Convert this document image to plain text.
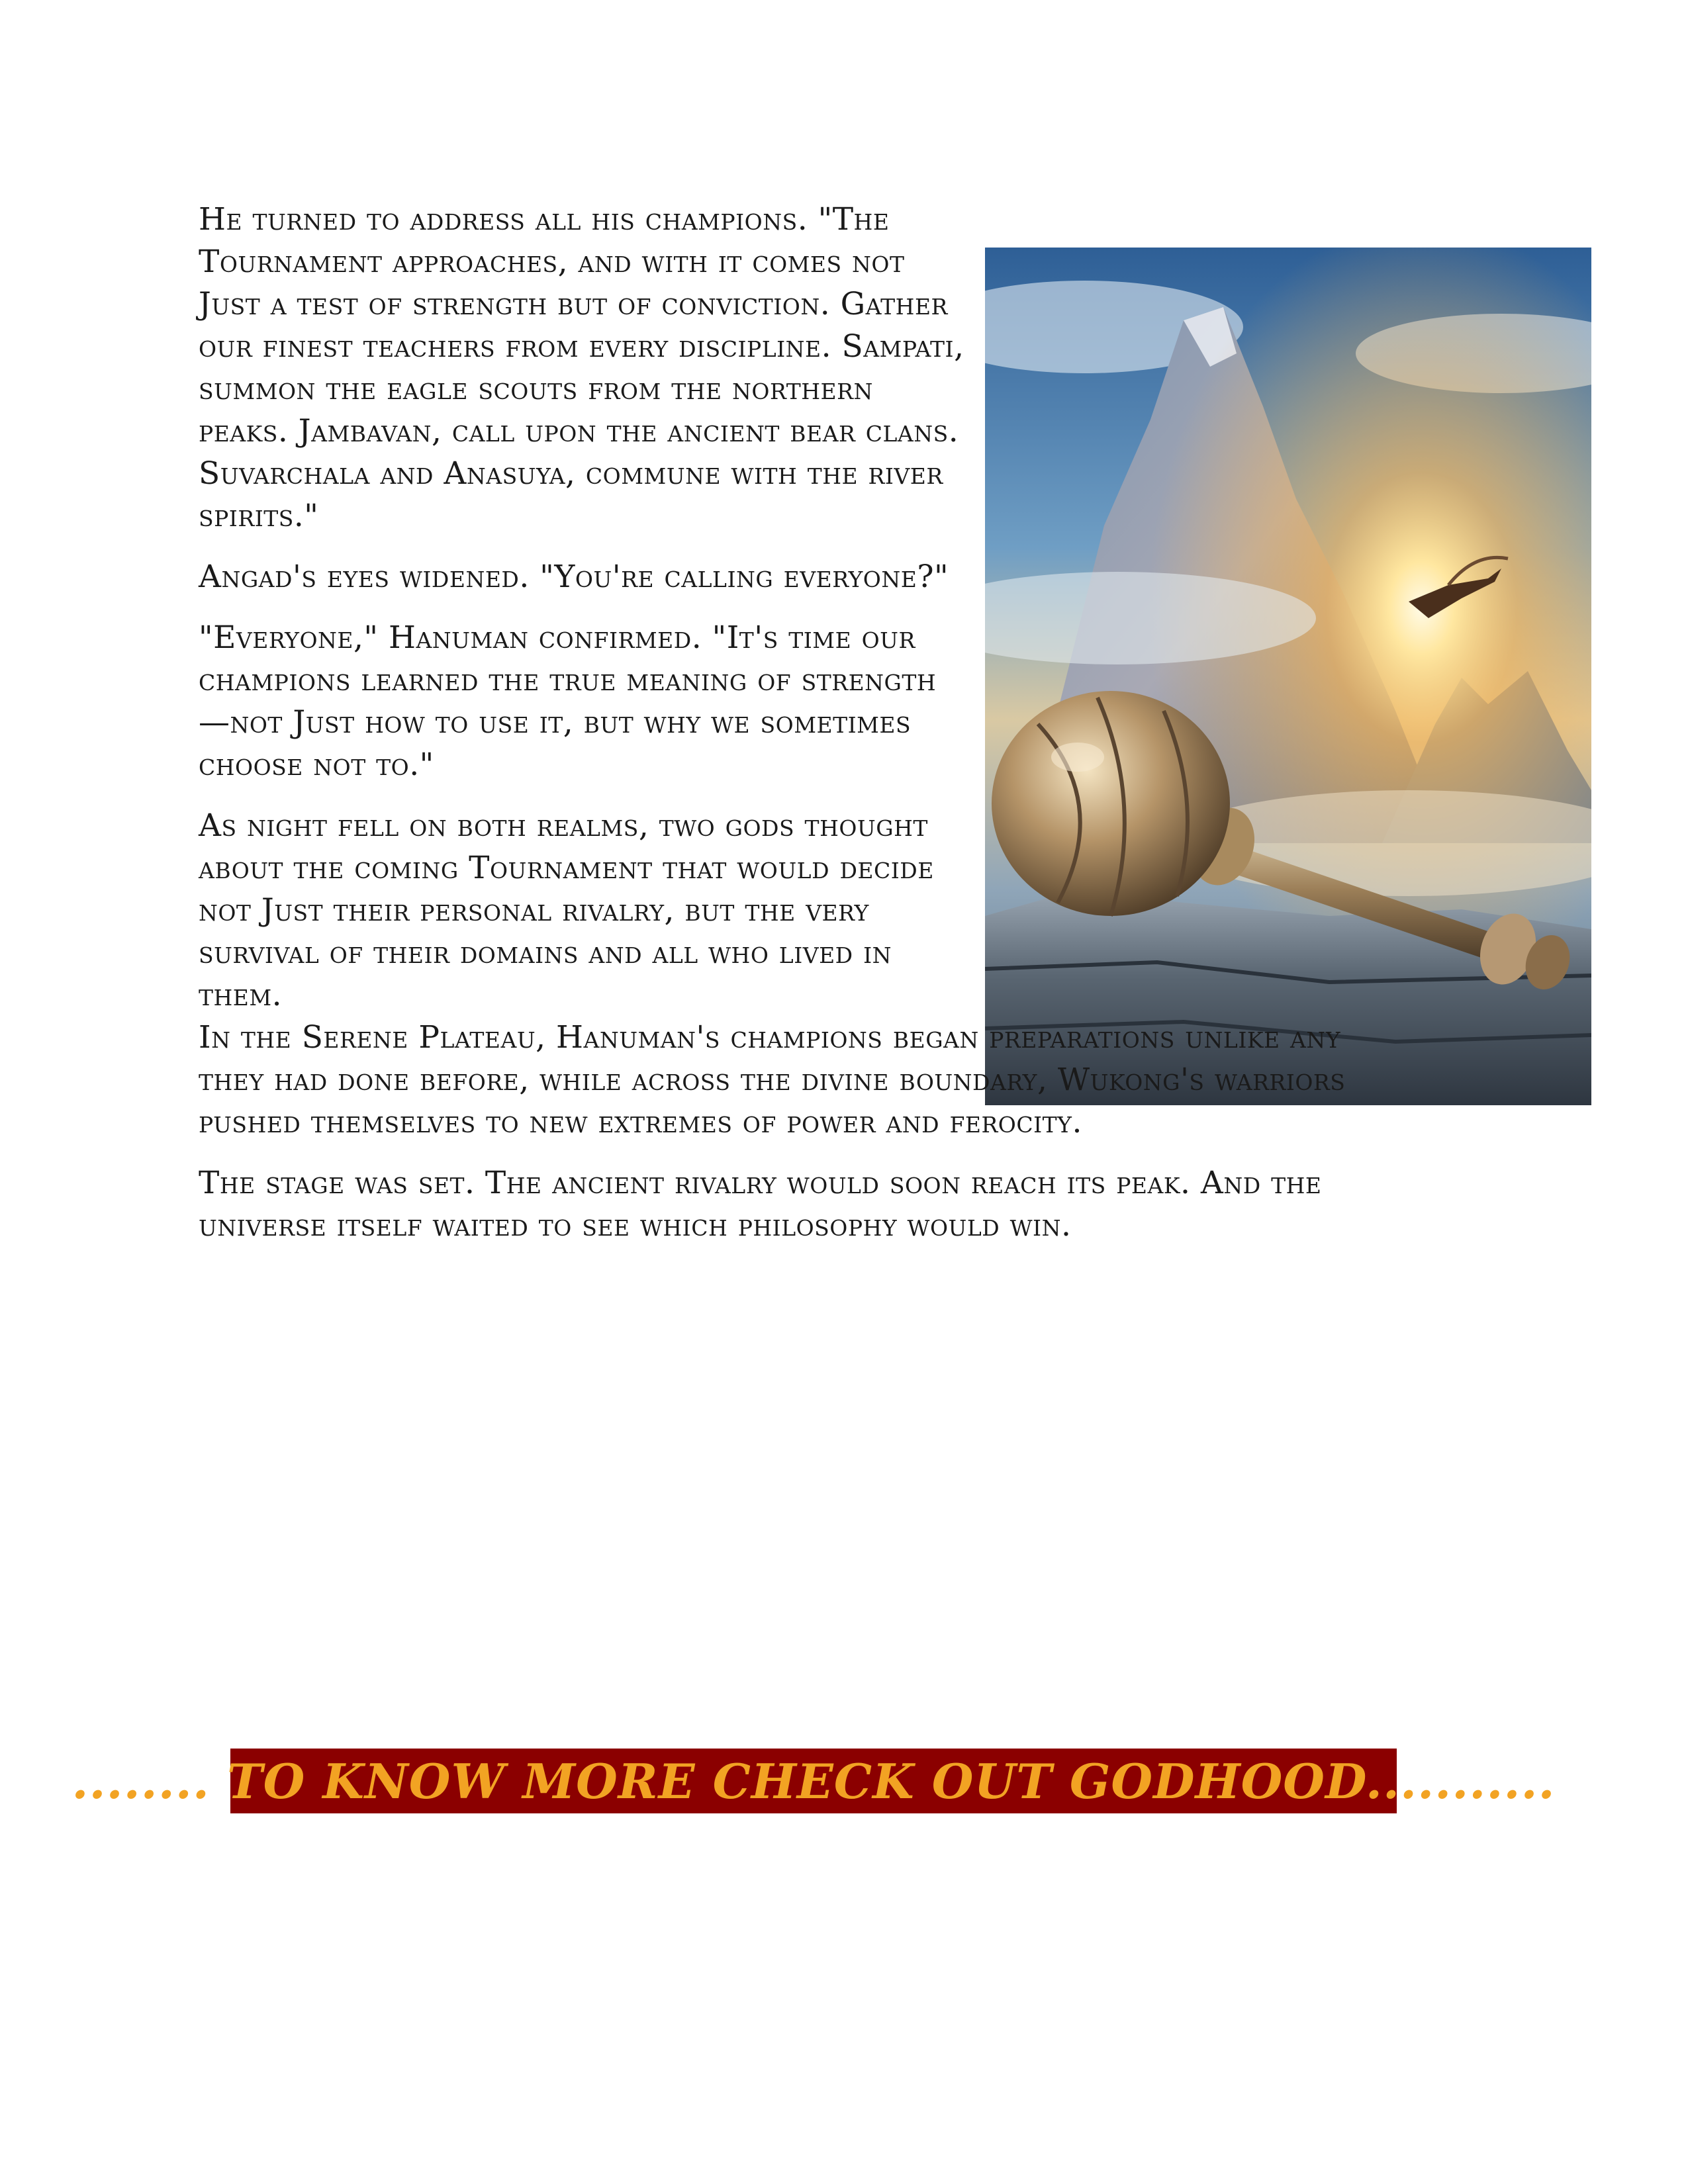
He turned to address all his champions. "The Tournament approaches, and with it comes not Just a test of strength but of conviction. Gather our finest teachers from every discipline. Sampati, summon the eagle scouts from the northern peaks. Jambavan, call upon the ancient bear clans. Suvarchala and Anasuya, commune with the river spirits."

Angad's eyes widened. "You're calling everyone?"

"Everyone," Hanuman confirmed. "It's time our champions learned the true meaning of strength—not Just how to use it, but why we sometimes choose not to."

As night fell on both realms, two gods thought about the coming Tournament that would decide not Just their personal rivalry, but the very survival of their domains and all who lived in them.
In the Serene Plateau, Hanuman's champions began preparations unlike any they had done before, while across the divine boundary, Wukong's warriors pushed themselves to new extremes of power and ferocity.

The stage was set. The ancient rivalry would soon reach its peak. And the universe itself waited to see which philosophy would win.

........ TO KNOW MORE CHECK OUT GODHOOD...........
